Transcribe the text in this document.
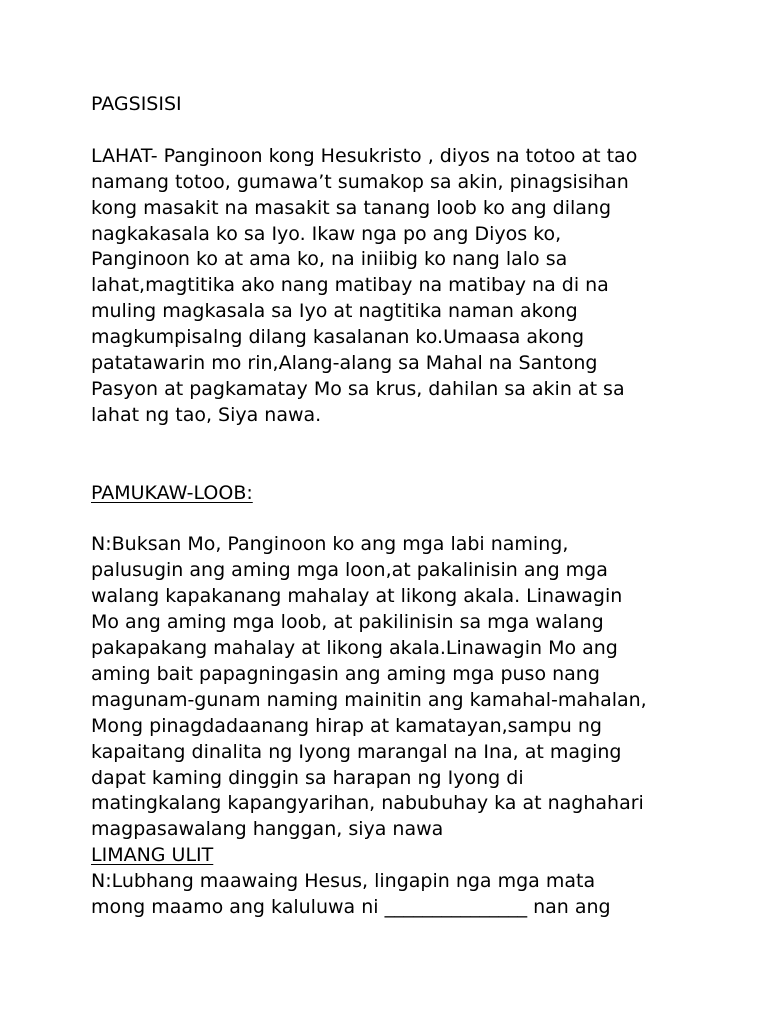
PAGSISISI
LAHAT- Panginoon kong Hesukristo , diyos na totoo at tao
namang totoo, gumawa’t sumakop sa akin, pinagsisihan
kong masakit na masakit sa tanang loob ko ang dilang
nagkakasala ko sa Iyo. Ikaw nga po ang Diyos ko,
Panginoon ko at ama ko, na iniibig ko nang lalo sa
lahat,magtitika ako nang matibay na matibay na di na
muling magkasala sa Iyo at nagtitika naman akong
magkumpisalng dilang kasalanan ko.Umaasa akong
patatawarin mo rin,Alang-alang sa Mahal na Santong
Pasyon at pagkamatay Mo sa krus, dahilan sa akin at sa
lahat ng tao, Siya nawa.
PAMUKAW-LOOB:
N:Buksan Mo, Panginoon ko ang mga labi naming,
palusugin ang aming mga loon,at pakalinisin ang mga
walang kapakanang mahalay at likong akala. Linawagin
Mo ang aming mga loob, at pakilinisin sa mga walang
pakapakang mahalay at likong akala.Linawagin Mo ang
aming bait papagningasin ang aming mga puso nang
magunam-gunam naming mainitin ang kamahal-mahalan,
Mong pinagdadaanang hirap at kamatayan,sampu ng
kapaitang dinalita ng Iyong marangal na Ina, at maging
dapat kaming dinggin sa harapan ng Iyong di
matingkalang kapangyarihan, nabubuhay ka at naghahari
magpasawalang hanggan, siya nawa
LIMANG ULIT
N:Lubhang maawaing Hesus, lingapin nga mga mata
mong maamo ang kaluluwa ni _______________ nan ang
